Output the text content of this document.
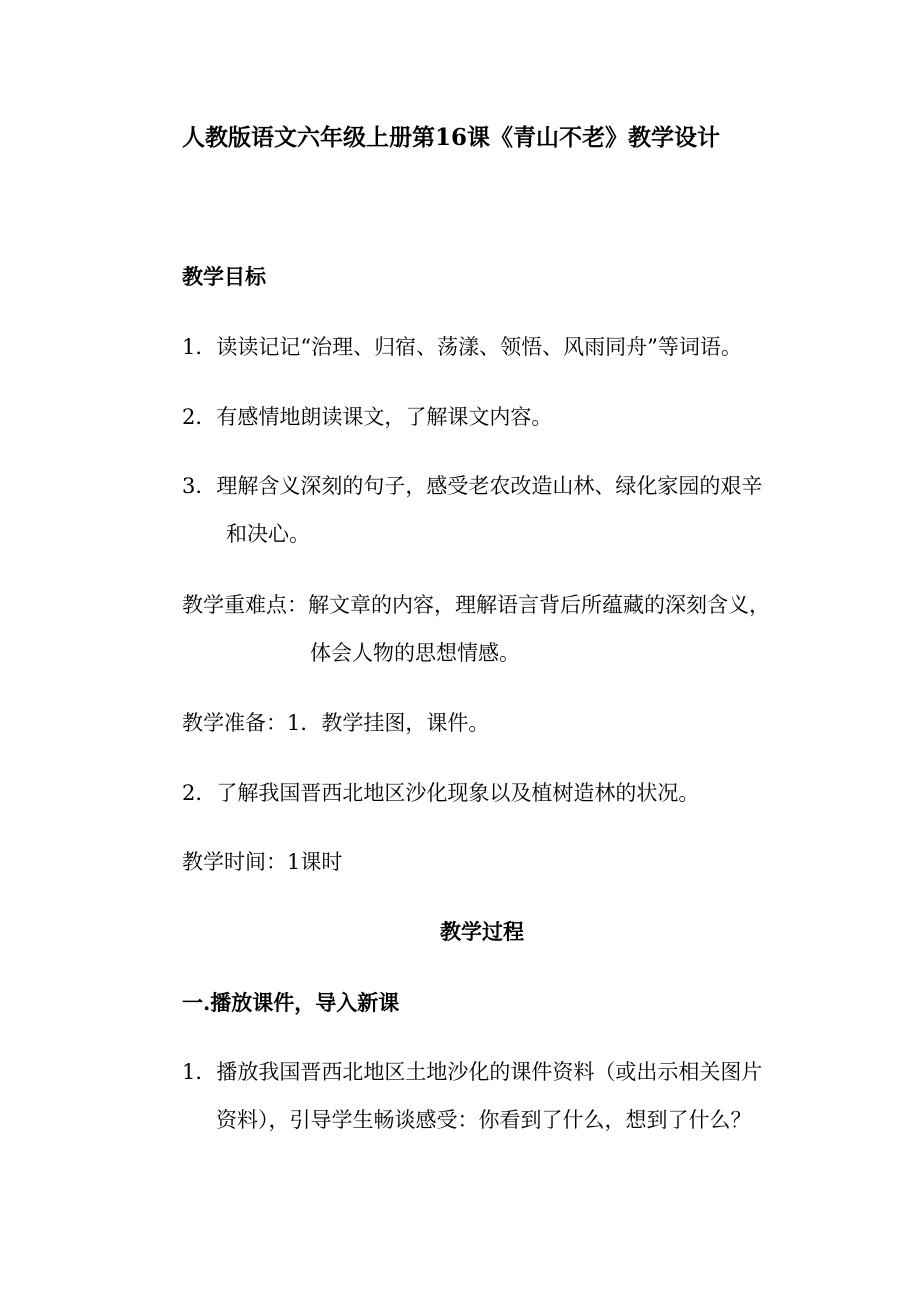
人教版语文六年级上册第16课《青山不老》教学设计
教学目标
1．读读记记“治理、归宿、荡漾、领悟、风雨同舟”等词语。
2．有感情地朗读课文，了解课文内容。
3．理解含义深刻的句子，感受老农改造山林、绿化家园的艰辛
和决心。
教学重难点：解文章的内容，理解语言背后所蕴藏的深刻含义，
体会人物的思想情感。
教学准备：1．教学挂图，课件。
2．了解我国晋西北地区沙化现象以及植树造林的状况。
教学时间：1课时
教学过程
一.播放课件，导入新课
1．播放我国晋西北地区土地沙化的课件资料（或出示相关图片
资料），引导学生畅谈感受：你看到了什么，想到了什么？
